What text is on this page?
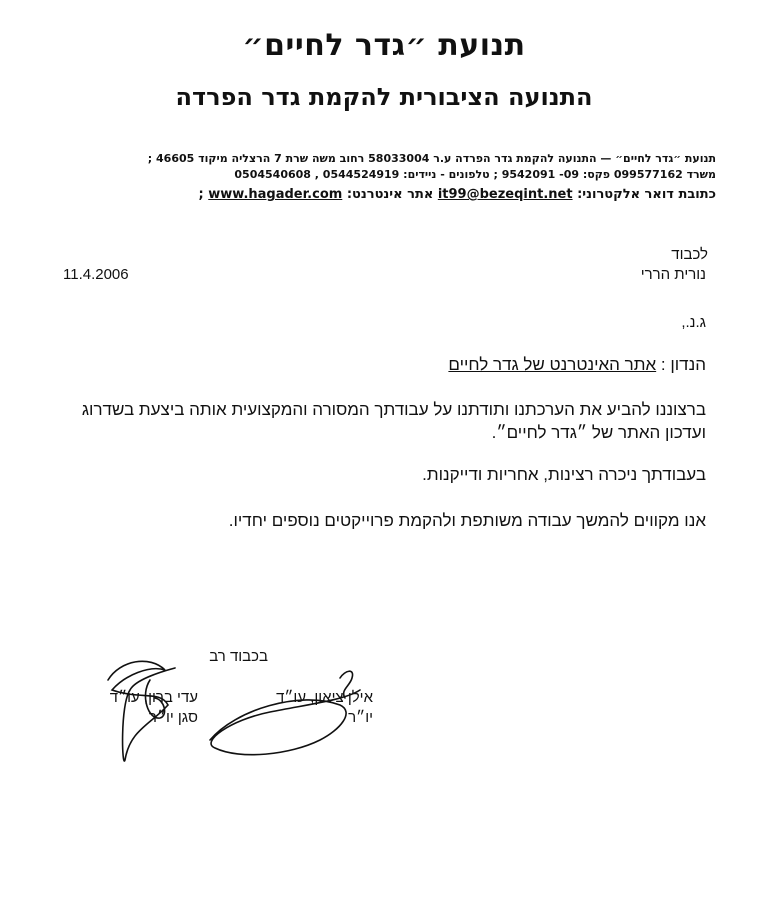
תנועת ״גדר לחיים״
התנועה הציבורית להקמת גדר הפרדה
תנועת ״גדר לחיים״ — התנועה להקמת גדר הפרדה ע.ר 58033004 רחוב משה שרת 7 הרצליה מיקוד 46605 ;
משרד 099577162 פקס: 09- 9542091 ; טלפונים - ניידים: 0544524919 , 0504540608
כתובת דואר אלקטרוני: it99@bezeqint.net אתר אינטרנט: www.hagader.com ;
לכבוד
נורית הררי
11.4.2006
ג.נ.,
הנדון : אתר האינטרנט של גדר לחיים
ברצוננו להביע את הערכתנו ותודתנו על עבודתך המסורה והמקצועית אותה ביצעת בשדרוג ועדכון האתר של ״גדר לחיים״.
בעבודתך ניכרה רצינות, אחריות ודייקנות.
אנו מקווים להמשך עבודה משותפת ולהקמת פרוייקטים נוספים יחדיו.
בכבוד רב
עדי ברון, עו״ד
סגן יו״ר
אילן ציאון, עו״ד
יו״ר
